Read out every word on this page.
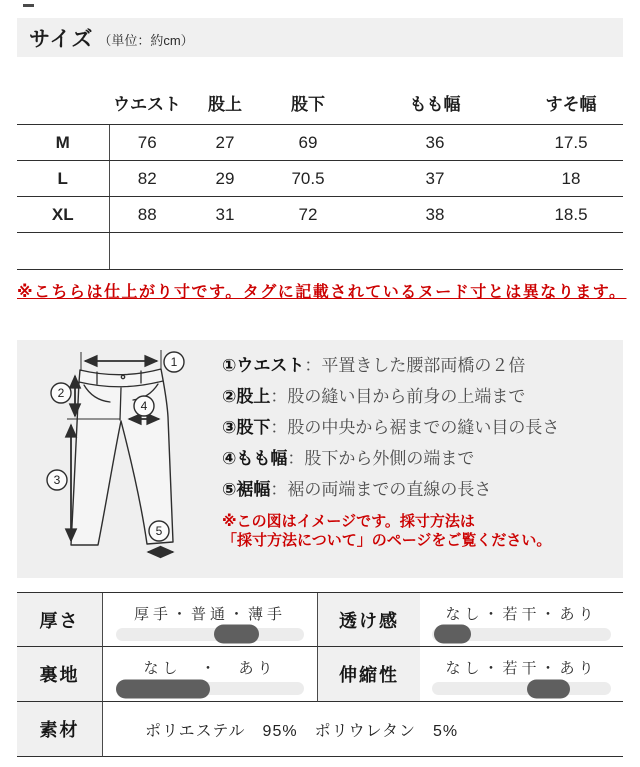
サイズ （単位：約cm）
	ウエスト	股上	股下	もも幅	すそ幅
M	76	27	69	36	17.5
L	82	29	70.5	37	18
XL	88	31	72	38	18.5

※こちらは仕上がり寸です。タグに記載されているヌード寸とは異なります。
1
2
3
4
5
①ウエスト：平置きした腰部両橋の２倍
②股上：股の縫い目から前身の上端まで
③股下：股の中央から裾までの縫い目の長さ
④もも幅：股下から外側の端まで
⑤裾幅：裾の両端までの直線の長さ
※この図はイメージです。採寸方法は
「採寸方法について」のページをご覧ください。
厚さ	厚手・普通・薄手	透け感	なし・若干・あり
裏地	なし　・　あり	伸縮性	なし・若干・あり
素材	ポリエステル　95%　ポリウレタン　5%
